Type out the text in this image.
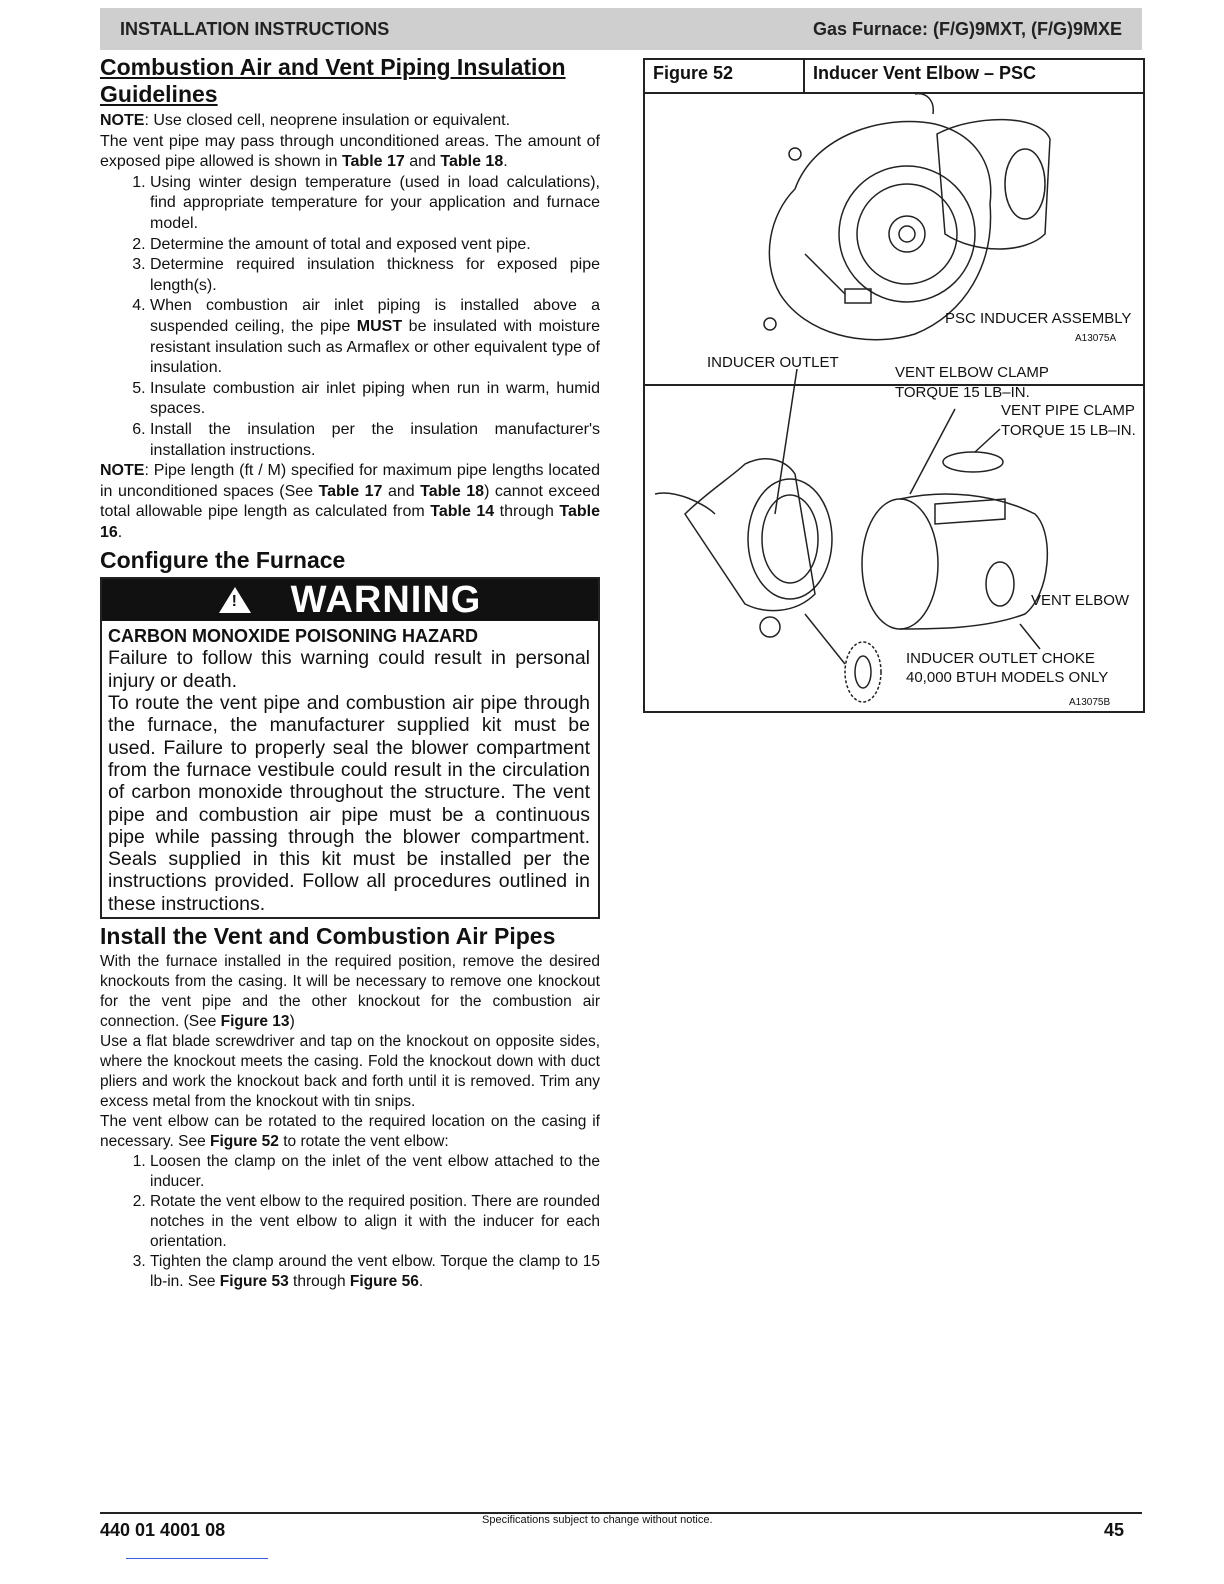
INSTALLATION INSTRUCTIONS	Gas Furnace: (F/G)9MXT, (F/G)9MXE
Combustion Air and Vent Piping Insulation Guidelines

NOTE: Use closed cell, neoprene insulation or equivalent.

The vent pipe may pass through unconditioned areas. The amount of exposed pipe allowed is shown in Table 17 and Table 18.

1. Using winter design temperature (used in load calculations), find appropriate temperature for your application and furnace model.
2. Determine the amount of total and exposed vent pipe.
3. Determine required insulation thickness for exposed pipe length(s).
4. When combustion air inlet piping is installed above a suspended ceiling, the pipe MUST be insulated with moisture resistant insulation such as Armaflex or other equivalent type of insulation.
5. Insulate combustion air inlet piping when run in warm, humid spaces.
6. Install the insulation per the insulation manufacturer's installation instructions.

NOTE: Pipe length (ft / M) specified for maximum pipe lengths located in unconditioned spaces (See Table 17 and Table 18) cannot exceed total allowable pipe length as calculated from Table 14 through Table 16.

Configure the Furnace
!
WARNING
CARBON MONOXIDE POISONING HAZARD

Failure to follow this warning could result in personal injury or death.

To route the vent pipe and combustion air pipe through the furnace, the manufacturer supplied kit must be used. Failure to properly seal the blower compartment from the furnace vestibule could result in the circulation of carbon monoxide throughout the structure. The vent pipe and combustion air pipe must be a continuous pipe while passing through the blower compartment. Seals supplied in this kit must be installed per the instructions provided. Follow all procedures outlined in these instructions.

Install the Vent and Combustion Air Pipes

With the furnace installed in the required position, remove the desired knockouts from the casing. It will be necessary to remove one knockout for the vent pipe and the other knockout for the combustion air connection. (See Figure 13)

Use a flat blade screwdriver and tap on the knockout on opposite sides, where the knockout meets the casing. Fold the knockout down with duct pliers and work the knockout back and forth until it is removed. Trim any excess metal from the knockout with tin snips.

The vent elbow can be rotated to the required location on the casing if necessary. See Figure 52 to rotate the vent elbow:

1. Loosen the clamp on the inlet of the vent elbow attached to the inducer.
2. Rotate the vent elbow to the required position. There are rounded notches in the vent elbow to align it with the inducer for each orientation.
3. Tighten the clamp around the vent elbow. Torque the clamp to 15 lb-in. See Figure 53 through Figure 56.
Figure 52	Inducer Vent Elbow – PSC
PSC INDUCER ASSEMBLY
A13075A
INDUCER OUTLET
VENT ELBOW CLAMP
TORQUE 15 LB–IN.
VENT PIPE CLAMP
TORQUE 15 LB–IN.
VENT ELBOW
INDUCER OUTLET CHOKE
40,000 BTUH MODELS ONLY
A13075B
440 01 4001 08	Specifications subject to change without notice.	45
